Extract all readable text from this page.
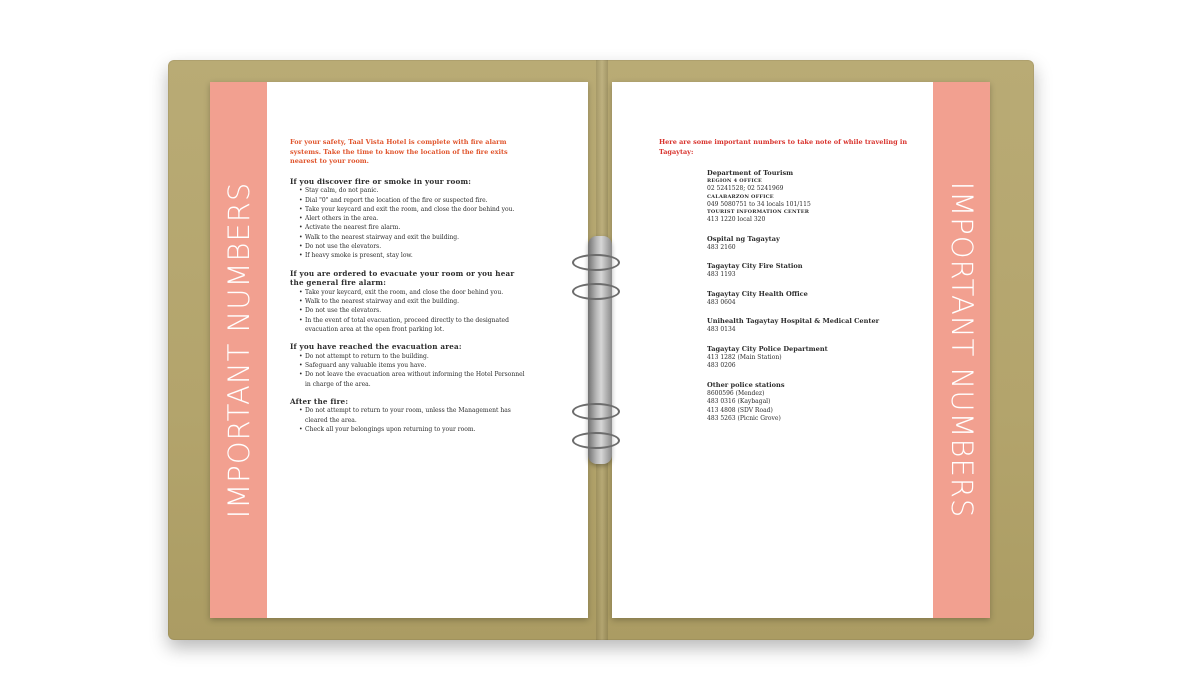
IMPORTANT NUMBERS

For your safety, Taal Vista Hotel is complete with fire alarm systems. Take the time to know the location of the fire exits nearest to your room.

If you discover fire or smoke in your room:

• Stay calm, do not panic.
• Dial "0" and report the location of the fire or suspected fire.
• Take your keycard and exit the room, and close the door behind you.
• Alert others in the area.
• Activate the nearest fire alarm.
• Walk to the nearest stairway and exit the building.
• Do not use the elevators.
• If heavy smoke is present, stay low.

If you are ordered to evacuate your room or you hear the general fire alarm:

• Take your keycard, exit the room, and close the door behind you.
• Walk to the nearest stairway and exit the building.
• Do not use the elevators.
• In the event of total evacuation, proceed directly to the designated evacuation area at the open front parking lot.

If you have reached the evacuation area:

• Do not attempt to return to the building.
• Safeguard any valuable items you have.
• Do not leave the evacuation area without informing the Hotel Personnel in charge of the area.

After the fire:

• Do not attempt to return to your room, unless the Management has cleared the area.
• Check all your belongings upon returning to your room.

Here are some important numbers to take note of while traveling in Tagaytay:

Department of Tourism
REGION 4 OFFICE
02 5241528; 02 5241969
CALABARZON OFFICE
049 5080751 to 34 locals 101/115
TOURIST INFORMATION CENTER
413 1220 local 320
Ospital ng Tagaytay
483 2160
Tagaytay City Fire Station
483 1193
Tagaytay City Health Office
483 0604
Unihealth Tagaytay Hospital & Medical Center
483 0134
Tagaytay City Police Department
413 1282 (Main Station)
483 0206
Other police stations
8600596 (Mendez)
483 0316 (Kaybagal)
413 4808 (SDV Road)
483 5263 (Picnic Grove)	IMPORTANT NUMBERS
